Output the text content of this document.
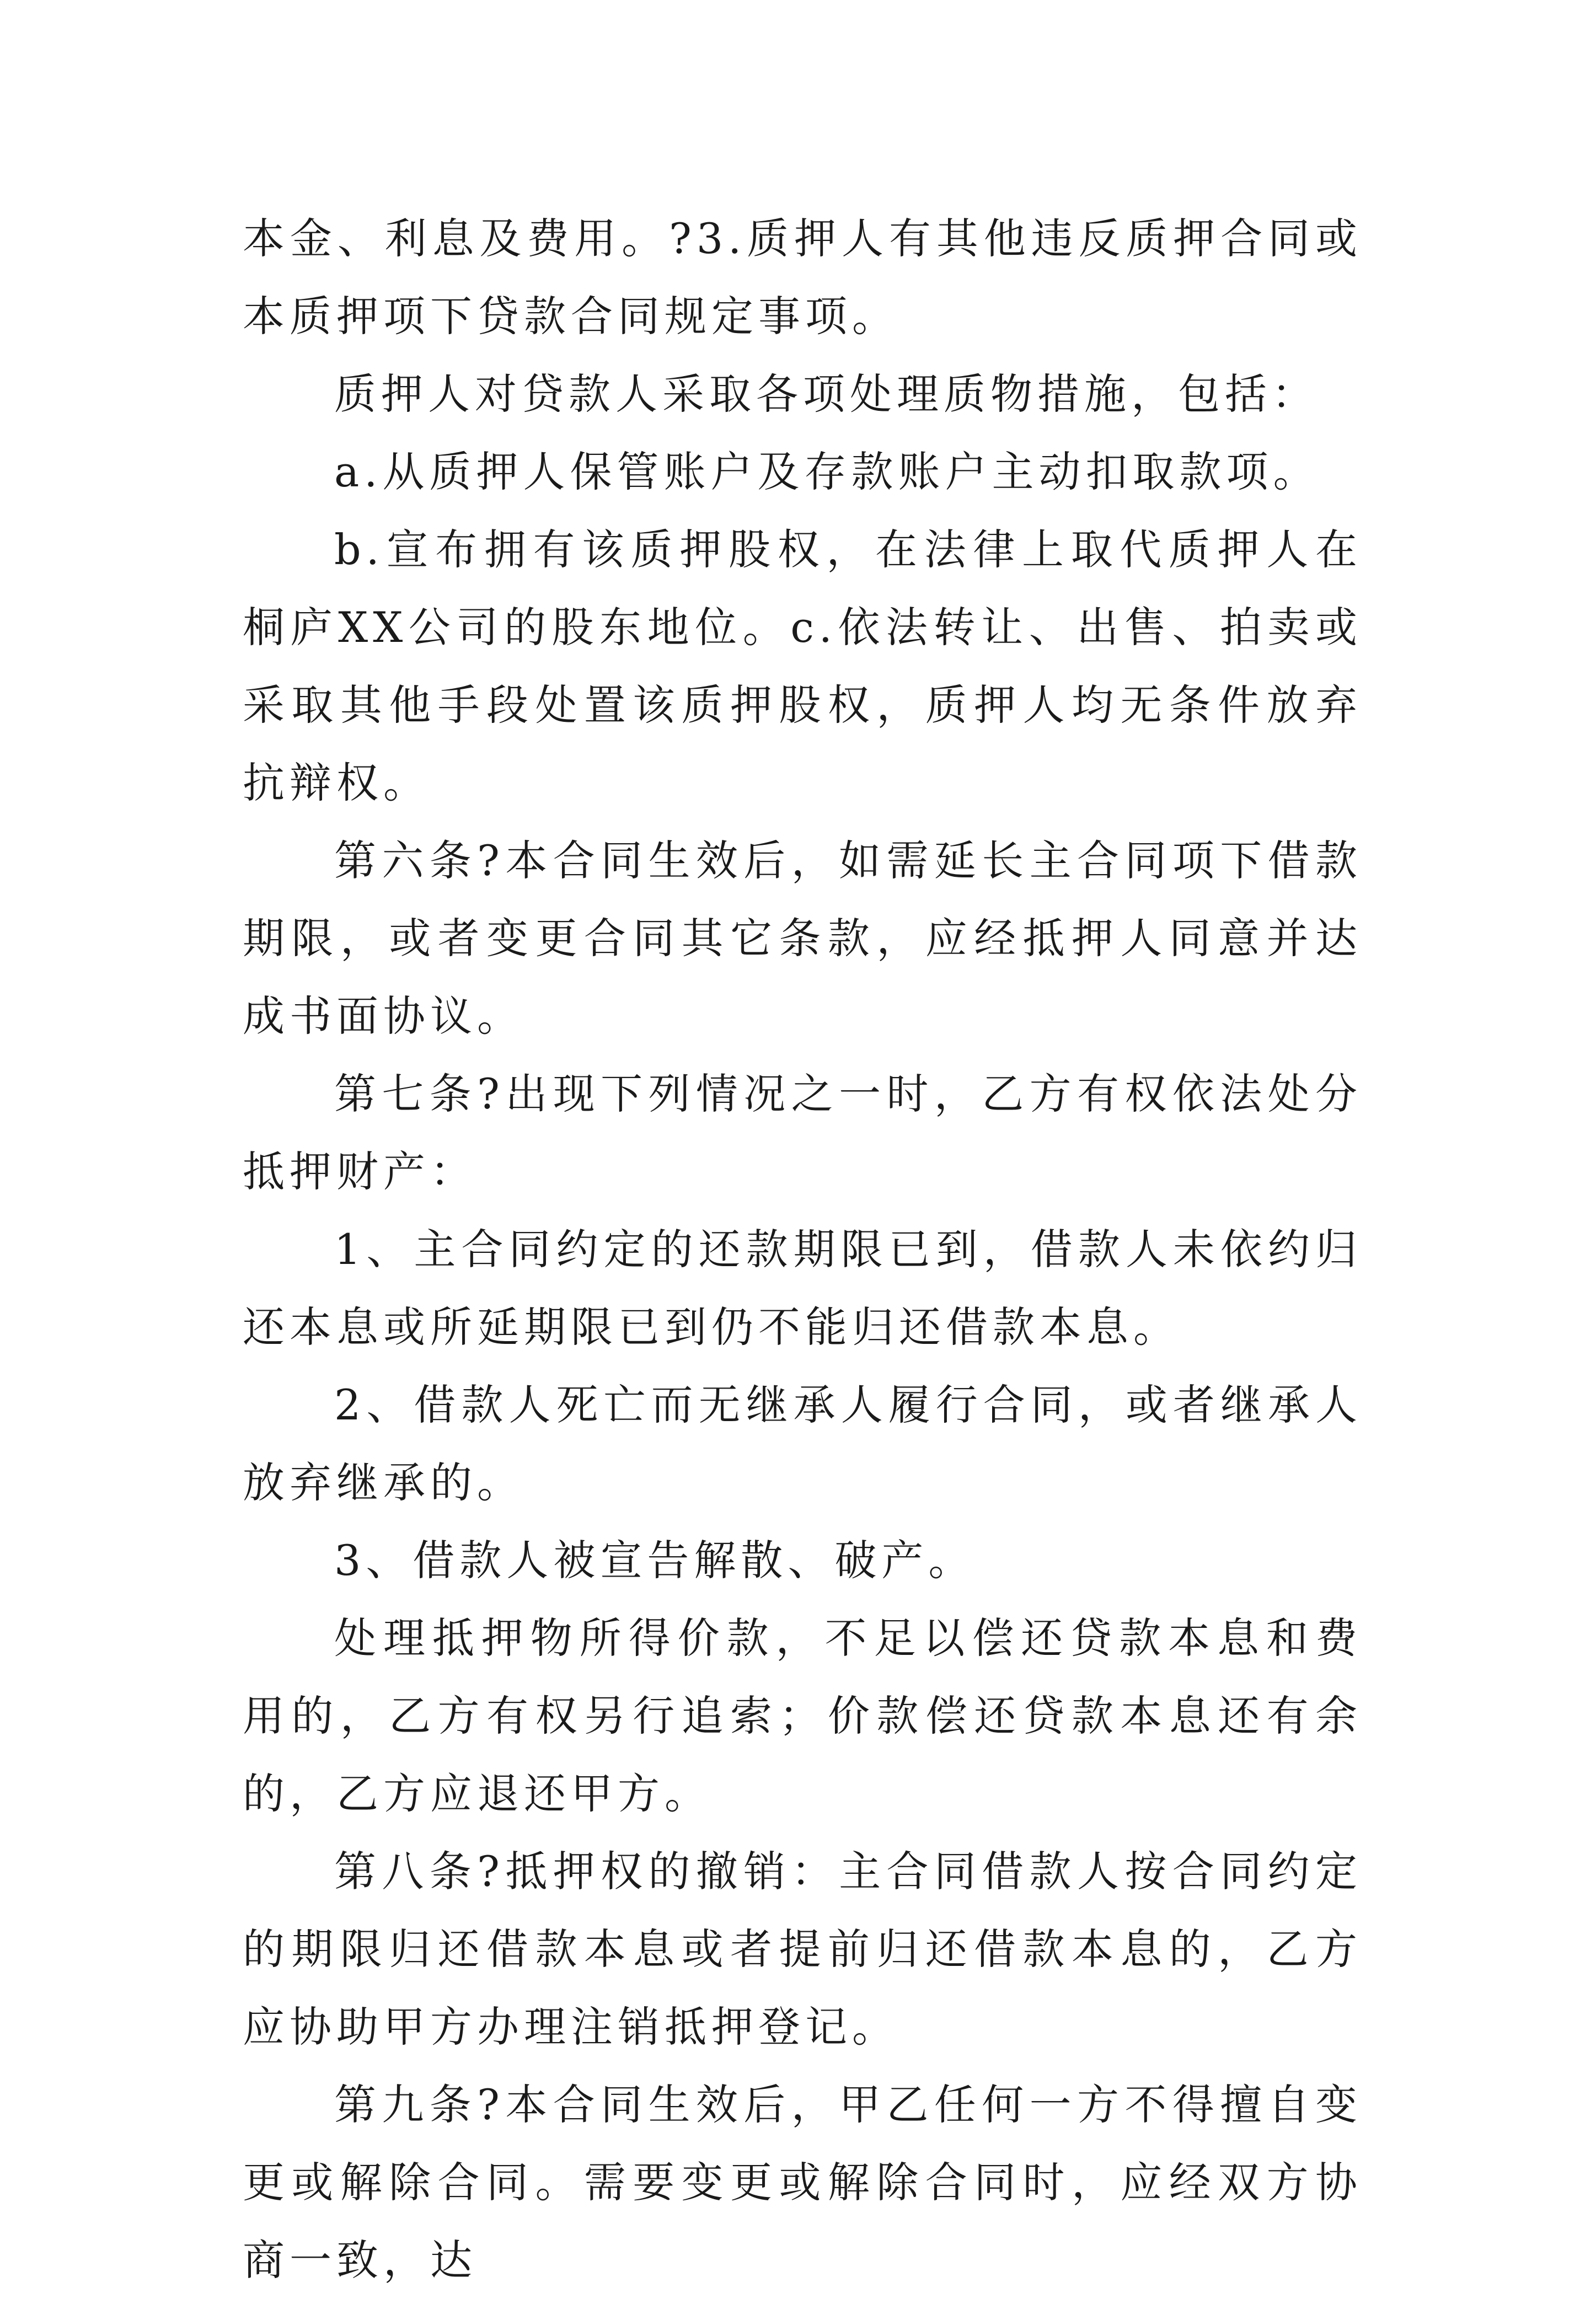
本金、利息及费用。?3.质押人有其他违反质押合同或本质押项下贷款合同规定事项。

质押人对贷款人采取各项处理质物措施，包括：

a.从质押人保管账户及存款账户主动扣取款项。

b.宣布拥有该质押股权，在法律上取代质押人在桐庐XX公司的股东地位。c.依法转让、出售、拍卖或采取其他手段处置该质押股权，质押人均无条件放弃抗辩权。

第六条?本合同生效后，如需延长主合同项下借款期限，或者变更合同其它条款，应经抵押人同意并达成书面协议。

第七条?出现下列情况之一时，乙方有权依法处分抵押财产：

1、主合同约定的还款期限已到，借款人未依约归还本息或所延期限已到仍不能归还借款本息。

2、借款人死亡而无继承人履行合同，或者继承人放弃继承的。

3、借款人被宣告解散、破产。

处理抵押物所得价款，不足以偿还贷款本息和费用的，乙方有权另行追索；价款偿还贷款本息还有余的，乙方应退还甲方。

第八条?抵押权的撤销：主合同借款人按合同约定的期限归还借款本息或者提前归还借款本息的，乙方应协助甲方办理注销抵押登记。

第九条?本合同生效后，甲乙任何一方不得擅自变更或解除合同。需要变更或解除合同时，应经双方协商一致，达
